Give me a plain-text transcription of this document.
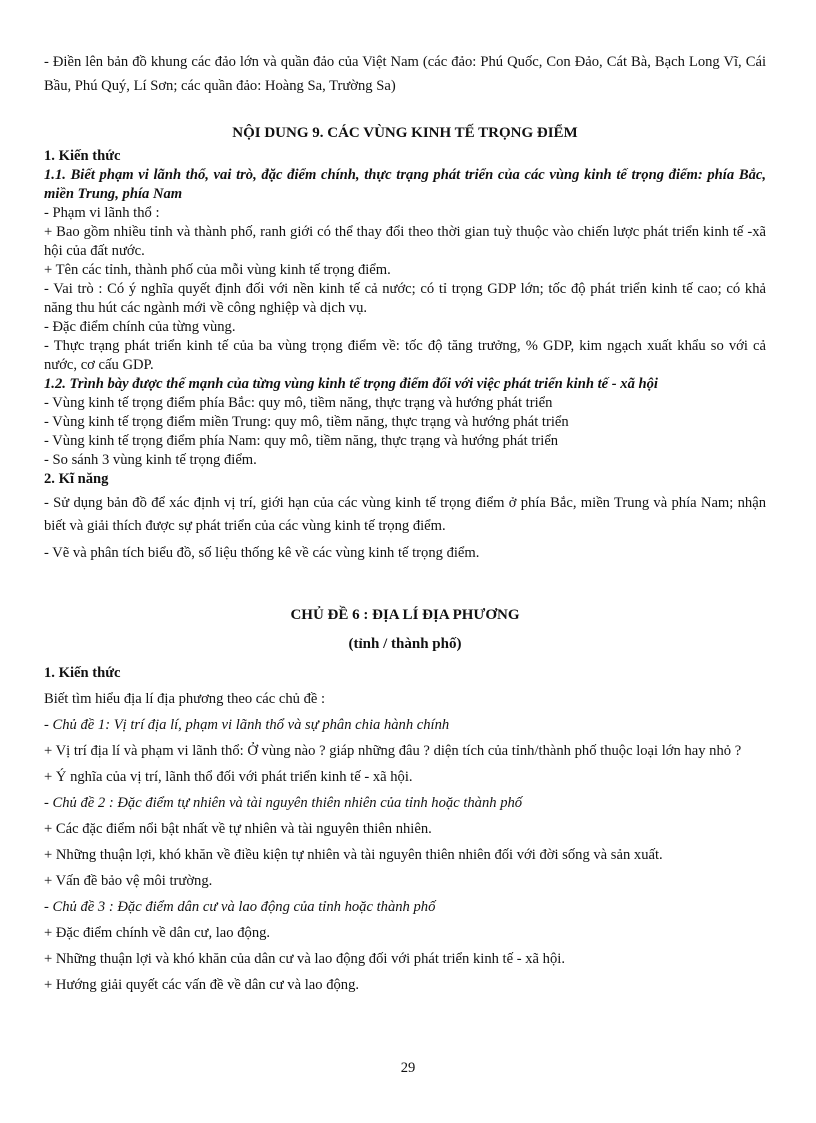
- Điền lên bản đồ khung các đảo lớn và quần đảo của Việt Nam (các đảo: Phú Quốc, Con Đảo, Cát Bà, Bạch Long Vĩ, Cái Bầu, Phú Quý, Lí Sơn; các quần đảo: Hoàng Sa, Trường Sa)

NỘI DUNG 9. CÁC VÙNG KINH TẾ TRỌNG ĐIỂM

1. Kiến thức

1.1. Biết phạm vi lãnh thổ, vai trò, đặc điểm chính, thực trạng phát triển của các vùng kinh tế trọng điểm: phía Bắc, miền Trung, phía Nam

- Phạm vi lãnh thổ :

+ Bao gồm nhiều tỉnh và thành phố, ranh giới có thể thay đổi theo thời gian tuỳ thuộc vào chiến lược phát triển kinh tế -xã hội của đất nước.

+ Tên các tỉnh, thành phố của mỗi vùng kinh tế trọng điểm.

- Vai trò : Có ý nghĩa quyết định đối với nền kinh tế cả nước; có tỉ trọng GDP lớn; tốc độ phát triển kinh tế cao; có khả năng thu hút các ngành mới về công nghiệp và dịch vụ.

- Đặc điểm chính của từng vùng.

- Thực trạng phát triển kinh tế của ba vùng trọng điểm về: tốc độ tăng trưởng, % GDP, kim ngạch xuất khẩu so với cả nước, cơ cấu GDP.

1.2. Trình bày được thế mạnh của từng vùng kinh tế trọng điểm đối với việc phát triển kinh tế - xã hội

- Vùng kinh tế trọng điểm phía Bắc: quy mô, tiềm năng, thực trạng và hướng phát triển

- Vùng kinh tế trọng điểm miền Trung: quy mô, tiềm năng, thực trạng và hướng phát triển

- Vùng kinh tế trọng điểm phía Nam: quy mô, tiềm năng, thực trạng và hướng phát triển

- So sánh 3 vùng kinh tế trọng điểm.

2. Kĩ năng

- Sử dụng bản đồ để xác định vị trí, giới hạn của các vùng kinh tế trọng điểm ở phía Bắc, miền Trung và phía Nam; nhận biết và giải thích được sự phát triển của các vùng kinh tế trọng điểm.

- Vẽ và phân tích biểu đồ, số liệu thống kê về các vùng kinh tế trọng điểm.

CHỦ ĐỀ 6 : ĐỊA LÍ ĐỊA PHƯƠNG

(tỉnh / thành phố)

1. Kiến thức

Biết tìm hiểu địa lí địa phương theo các chủ đề :

- Chủ đề 1: Vị trí địa lí, phạm vi lãnh thổ và sự phân chia hành chính

+ Vị trí địa lí và phạm vi lãnh thổ: Ở vùng nào ? giáp những đâu ? diện tích của tỉnh/thành phố thuộc loại lớn hay nhỏ ?

+ Ý nghĩa của vị trí, lãnh thổ đối với phát triển kinh tế - xã hội.

- Chủ đề 2 : Đặc điểm tự nhiên và tài nguyên thiên nhiên của tỉnh hoặc thành phố

+ Các đặc điểm nổi bật nhất về tự nhiên và tài nguyên thiên nhiên.

+ Những thuận lợi, khó khăn về điều kiện tự nhiên và tài nguyên thiên nhiên đối với đời sống và sản xuất.

+ Vấn đề bảo vệ môi trường.

- Chủ đề 3 : Đặc điểm dân cư và lao động của tỉnh hoặc thành phố

+ Đặc điểm chính về dân cư, lao động.

+ Những thuận lợi và khó khăn của dân cư và lao động đối với phát triển kinh tế - xã hội.

+ Hướng giải quyết các vấn đề về dân cư và lao động.

29
